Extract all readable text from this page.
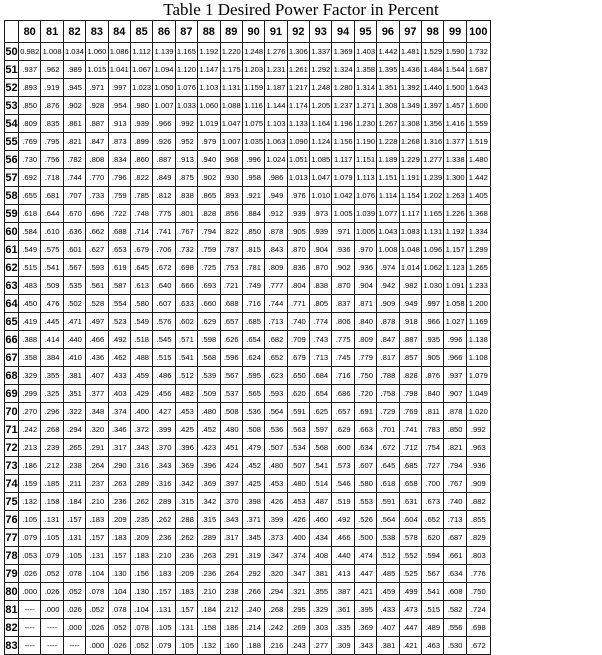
Table 1 Desired Power Factor in Percent
	80	81	82	83	84	85	86	87	88	89	90	91	92	93	94	95	96	97	98	99	100
50	0.982	1.008	1.034	1.060	1.086	1.112	1.139	1.165	1.192	1.220	1.248	1.276	1.306	1.337	1.369	1.403	1.442	1.481	1.529	1.590	1.732
51	.937	.962	.989	1.015	1.041	1.067	1.094	1.120	1.147	1.175	1.203	1.231	1.261	1.292	1.324	1.358	1.395	1.436	1.484	1.544	1.687
52	.893	.919	.945	.971	.997	1.023	1.050	1.076	1.103	1.131	1.159	1.187	1.217	1.248	1.280	1.314	1.351	1.392	1.440	1.500	1.643
53	.850	.876	.902	.928	.954	.980	1.007	1.033	1.060	1.088	1.116	1.144	1.174	1.205	1.237	1.271	1.308	1.349	1.397	1.457	1.600
54	.809	.835	.861	.887	.913	.939	.966	.992	1.019	1.047	1.075	1.103	1.133	1.164	1.196	1.230	1.267	1.308	1.356	1.416	1.559
55	.769	.795	.821	.847	.873	.899	.926	.952	.979	1.007	1.035	1.063	1.090	1.124	1.156	1.190	1.228	1.268	1.316	1.377	1.519
56	.730	.756	.782	.808	.834	.860	.887	.913	.940	.968	.996	1.024	1.051	1.085	1.117	1.151	1.189	1.229	1.277	1.338	1.480
57	.692	.718	.744	.770	.796	.822	.849	.875	.902	.930	.958	.986	1.013	1.047	1.079	1.113	1.151	1.191	1.239	1.300	1.442
58	.655	.681	.707	.733	.759	.785	.812	.838	.865	.893	.921	.949	.976	1.010	1.042	1.076	1.114	1.154	1.202	1.263	1.405
59	.618	.644	.670	.696	.722	.748	.775	.801	.828	.856	.884	.912	.939	.973	1.005	1.039	1.077	1.117	1.165	1.226	1.368
60	.584	.610	.636	.662	.688	.714	.741	.767	.794	.822	.850	.878	.905	.939	.971	1.005	1.043	1.083	1.131	1.192	1.334
61	.549	.575	.601	.627	.653	.679	.706	.732	.759	.787	.815	.843	.870	.904	.936	.970	1.008	1.048	1.096	1.157	1.299
62	.515	.541	.567	.593	.619	.645	.672	.698	.725	.753	.781	.809	.836	.870	.902	.936	.974	1.014	1.062	1.123	1.265
63	.483	.509	.535	.561	.587	.613	.640	.666	.693	.721	.749	.777	.804	.838	.870	.904	.942	.982	1.030	1.091	1.233
64	.450	.476	.502	.528	.554	.580	.607	.633	.660	.688	.716	.744	.771	.805	.837	.871	.909	.949	.997	1.058	1.200
65	.419	.445	.471	.497	.523	.549	.576	.602	.629	.657	.685	.713	.740	.774	.806	.840	.878	.918	.966	1.027	1.169
66	.388	.414	.440	.466	.492	.518	.545	.571	.598	.626	.654	.682	.709	.743	.775	.809	.847	.887	.935	.996	1.138
67	.358	.384	.410	.436	.462	.488	.515	.541	.568	.596	.624	.652	.679	.713	.745	.779	.817	.857	.905	.966	1.108
68	.329	.355	.381	.407	.433	.459	.486	.512	.539	.567	.595	.623	.650	.684	.716	.750	.788	.828	.876	.937	1.079
69	.299	.325	.351	.377	.403	.429	.456	.482	.509	.537	.565	.593	.620	.654	.686	.720	.758	.798	.840	.907	1.049
70	.270	.296	.322	.348	.374	.400	.427	.453	.480	.508	.536	.564	.591	.625	.657	.691	.729	.769	.811	.878	1.020
71	.242	.268	.294	.320	.346	.372	.399	.425	.452	.480	.508	.536	.563	.597	.629	.663	.701	.741	.783	.850	.992
72	.213	.239	.265	.291	.317	.343	.370	.396	.423	.451	.479	.507	.534	.568	.600	.634	.672	.712	.754	.821	.963
73	.186	.212	.238	.264	.290	.316	.343	.369	.396	.424	.452	.480	.507	.541	.573	.607	.645	.685	.727	.794	.936
74	.159	.185	.211	.237	.263	.289	.316	.342	.369	.397	.425	.453	.480	.514	.546	.580	.618	.658	.700	.767	.909
75	.132	.158	.184	.210	.236	.262	.289	.315	.342	.370	.398	.426	.453	.487	.519	.553	.591	.631	.673	.740	.882
76	.105	.131	.157	.183	.209	.235	.262	.288	.315	.343	.371	.399	.426	.460	.492	.526	.564	.604	.652	.713	.855
77	.079	.105	.131	.157	.183	.209	.236	.262	.289	.317	.345	.373	.400	.434	.466	.500	.538	.578	.620	.687	.829
78	.053	.079	.105	.131	.157	.183	.210	.236	.263	.291	.319	.347	.374	.408	.440	.474	.512	.552	.594	.661	.803
79	.026	.052	.078	.104	.130	.156	.183	.209	.236	.264	.292	.320	.347	.381	.413	.447	.485	.525	.567	.634	.776
80	.000	.026	.052	.078	.104	.130	.157	.183	.210	.238	.266	.294	.321	.355	.387	.421	.459	.499	.541	.608	.750
81	----	.000	.026	.052	.078	.104	.131	.157	.184	.212	.240	.268	.295	.329	.361	.395	.433	.473	.515	.582	.724
82	----	----	.000	.026	.052	.078	.105	.131	.158	.186	.214	.242	.269	.303	.335	.369	.407	.447	.489	.556	.698
83	----	----	----	.000	.026	.052	.079	.105	.132	.160	.188	.216	.243	.277	.309	.343	.381	.421	.463	.530	.672
